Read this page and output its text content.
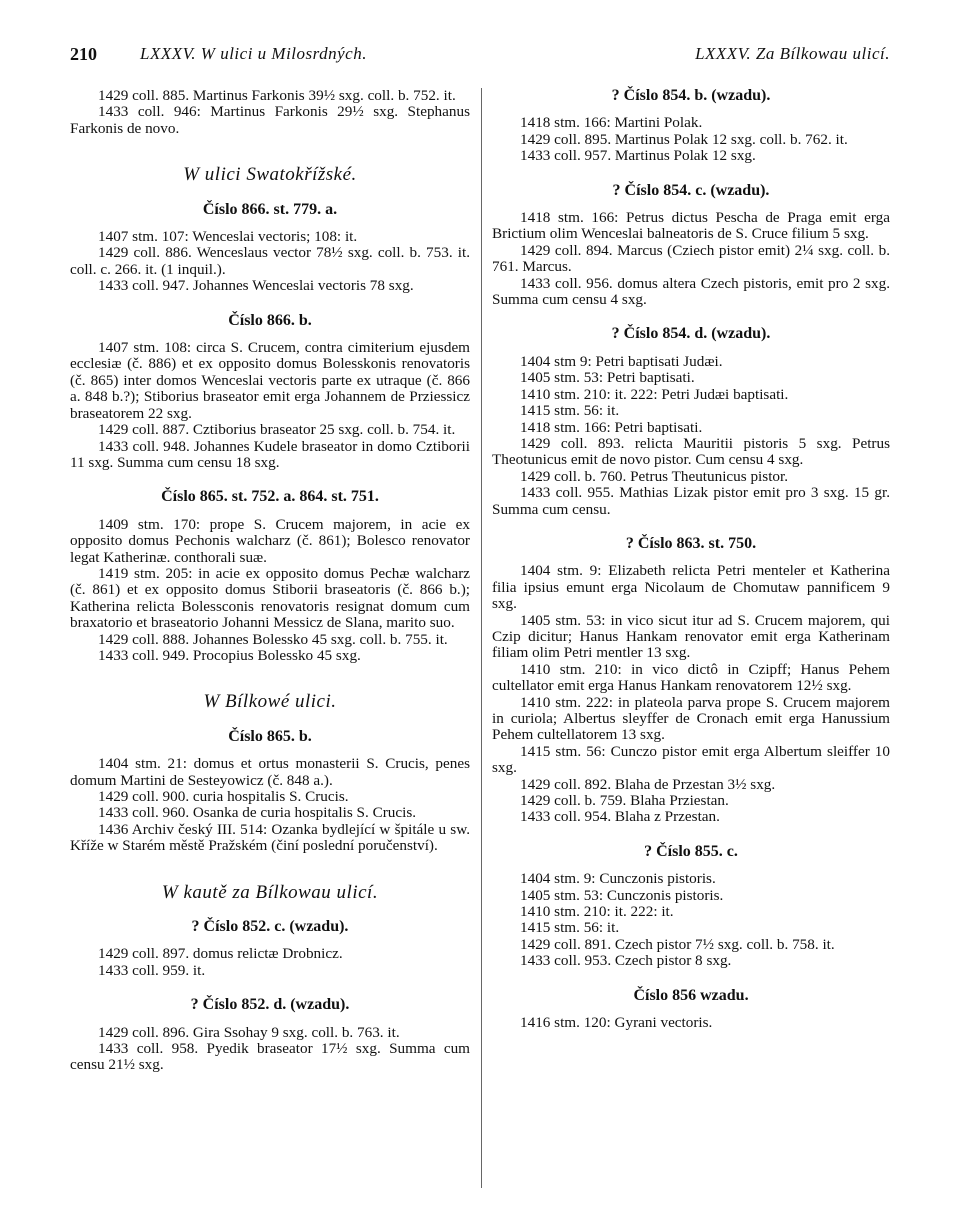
210	LXXXV. W ulici u Milosrdných.	LXXXV. Za Bílkowau ulicí.

1429 coll. 885. Martinus Farkonis 39½ sxg. coll. b. 752. it.

1433 coll. 946: Martinus Farkonis 29½ sxg. Stephanus Farkonis de novo.

W ulici Swatokřížské.
Číslo 866. st. 779. a.

1407 stm. 107: Wenceslai vectoris; 108: it.

1429 coll. 886. Wenceslaus vector 78½ sxg. coll. b. 753. it. coll. c. 266. it. (1 inquil.).

1433 coll. 947. Johannes Wenceslai vectoris 78 sxg.

Číslo 866. b.

1407 stm. 108: circa S. Crucem, contra cimiterium ejusdem ecclesiæ (č. 886) et ex opposito domus Bolesskonis renovatoris (č. 865) inter domos Wenceslai vectoris parte ex utraque (č. 866 a. 848 b.?); Stiborius braseator emit erga Johannem de Prziessicz braseatorem 22 sxg.

1429 coll. 887. Cztiborius braseator 25 sxg. coll. b. 754. it.

1433 coll. 948. Johannes Kudele braseator in domo Cztiborii 11 sxg. Summa cum censu 18 sxg.

Číslo 865. st. 752. a. 864. st. 751.

1409 stm. 170: prope S. Crucem majorem, in acie ex opposito domus Pechonis walcharz (č. 861); Bolesco renovator legat Katherinæ. conthorali suæ.

1419 stm. 205: in acie ex opposito domus Pechæ walcharz (č. 861) et ex opposito domus Stiborii braseatoris (č. 866 b.); Katherina relicta Bolessconis renovatoris resignat domum cum braxatorio et braseatorio Johanni Messicz de Slana, marito suo.

1429 coll. 888. Johannes Bolessko 45 sxg. coll. b. 755. it.

1433 coll. 949. Procopius Bolessko 45 sxg.

W Bílkowé ulici.
Číslo 865. b.

1404 stm. 21: domus et ortus monasterii S. Crucis, penes domum Martini de Sesteyowicz (č. 848 a.).

1429 coll. 900. curia hospitalis S. Crucis.

1433 coll. 960. Osanka de curia hospitalis S. Crucis.

1436 Archiv český III. 514: Ozanka bydlející w špitále u sw. Kříže w Starém městě Pražském (činí poslední poručenství).

W kautě za Bílkowau ulicí.
? Číslo 852. c. (wzadu).

1429 coll. 897. domus relictæ Drobnicz.

1433 coll. 959. it.

? Číslo 852. d. (wzadu).

1429 coll. 896. Gira Ssohay 9 sxg. coll. b. 763. it.

1433 coll. 958. Pyedik braseator 17½ sxg. Summa cum censu 21½ sxg.

? Číslo 854. b. (wzadu).

1418 stm. 166: Martini Polak.

1429 coll. 895. Martinus Polak 12 sxg. coll. b. 762. it.

1433 coll. 957. Martinus Polak 12 sxg.

? Číslo 854. c. (wzadu).

1418 stm. 166: Petrus dictus Pescha de Praga emit erga Brictium olim Wenceslai balneatoris de S. Cruce filium 5 sxg.

1429 coll. 894. Marcus (Cziech pistor emit) 2¼ sxg. coll. b. 761. Marcus.

1433 coll. 956. domus altera Czech pistoris, emit pro 2 sxg. Summa cum censu 4 sxg.

? Číslo 854. d. (wzadu).

1404 stm 9: Petri baptisati Judæi.

1405 stm. 53: Petri baptisati.

1410 stm. 210: it. 222: Petri Judæi baptisati.

1415 stm. 56: it.

1418 stm. 166: Petri baptisati.

1429 coll. 893. relicta Mauritii pistoris 5 sxg. Petrus Theotunicus emit de novo pistor. Cum censu 4 sxg.

1429 coll. b. 760. Petrus Theutunicus pistor.

1433 coll. 955. Mathias Lizak pistor emit pro 3 sxg. 15 gr. Summa cum censu.

? Číslo 863. st. 750.

1404 stm. 9: Elizabeth relicta Petri menteler et Katherina filia ipsius emunt erga Nicolaum de Chomutaw pannificem 9 sxg.

1405 stm. 53: in vico sicut itur ad S. Crucem majorem, qui Czip dicitur; Hanus Hankam renovator emit erga Katherinam filiam olim Petri mentler 13 sxg.

1410 stm. 210: in vico dictô in Czipff; Hanus Pehem cultellator emit erga Hanus Hankam renovatorem 12½ sxg.

1410 stm. 222: in plateola parva prope S. Crucem majorem in curiola; Albertus sleyffer de Cronach emit erga Hanussium Pehem cultellatorem 13 sxg.

1415 stm. 56: Cunczo pistor emit erga Albertum sleiffer 10 sxg.

1429 coll. 892. Blaha de Przestan 3½ sxg.

1429 coll. b. 759. Blaha Prziestan.

1433 coll. 954. Blaha z Przestan.

? Číslo 855. c.

1404 stm. 9: Cunczonis pistoris.

1405 stm. 53: Cunczonis pistoris.

1410 stm. 210: it. 222: it.

1415 stm. 56: it.

1429 coll. 891. Czech pistor 7½ sxg. coll. b. 758. it.

1433 coll. 953. Czech pistor 8 sxg.

Číslo 856 wzadu.

1416 stm. 120: Gyrani vectoris.
